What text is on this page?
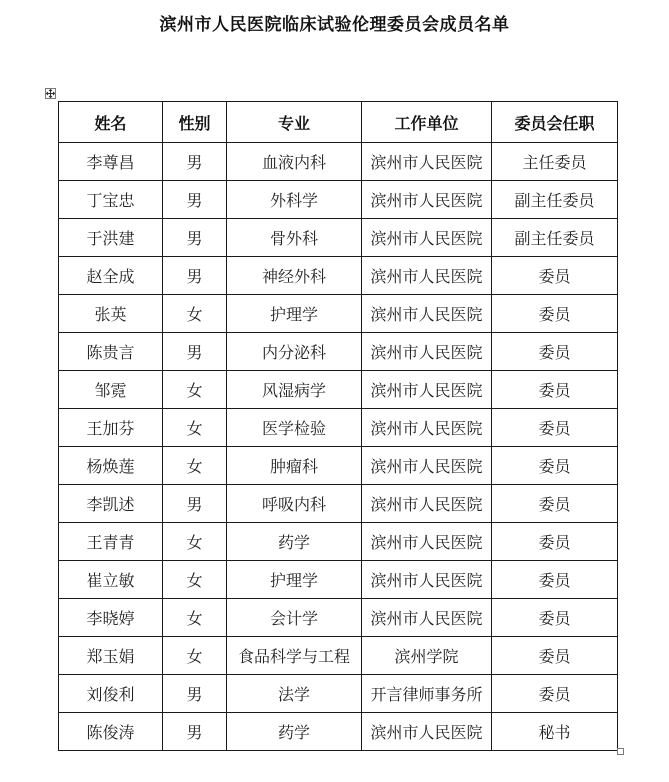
滨州市人民医院临床试验伦理委员会成员名单
姓名	性别	专业	工作单位	委员会任职
李尊昌	男	血液内科	滨州市人民医院	主任委员
丁宝忠	男	外科学	滨州市人民医院	副主任委员
于洪建	男	骨外科	滨州市人民医院	副主任委员
赵全成	男	神经外科	滨州市人民医院	委员
张英	女	护理学	滨州市人民医院	委员
陈贵言	男	内分泌科	滨州市人民医院	委员
邹霓	女	风湿病学	滨州市人民医院	委员
王加芬	女	医学检验	滨州市人民医院	委员
杨焕莲	女	肿瘤科	滨州市人民医院	委员
李凯述	男	呼吸内科	滨州市人民医院	委员
王青青	女	药学	滨州市人民医院	委员
崔立敏	女	护理学	滨州市人民医院	委员
李晓婷	女	会计学	滨州市人民医院	委员
郑玉娟	女	食品科学与工程	滨州学院	委员
刘俊利	男	法学	开言律师事务所	委员
陈俊涛	男	药学	滨州市人民医院	秘书
